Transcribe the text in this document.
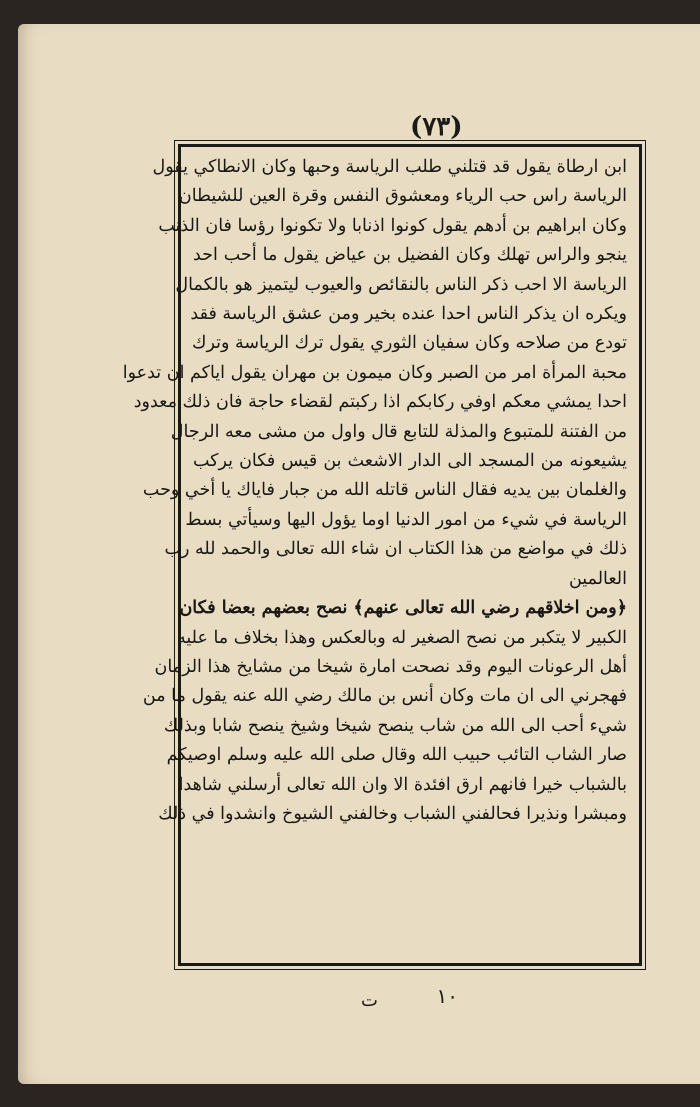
(٧٣)
ابن ارطاة يقول قد قتلني طلب الرياسة وحبها وكان الانطاكي يقول
الرياسة راس حب الرياء ومعشوق النفس وقرة العين للشيطان
وكان ابراهيم بن أدهم يقول كونوا اذنابا ولا تكونوا رؤسا فان الذنب
ينجو والراس تهلك وكان الفضيل بن عياض يقول ما أحب احد
الرياسة الا احب ذكر الناس بالنقائص والعيوب ليتميز هو بالكمال
ويكره ان يذكر الناس احدا عنده بخير ومن عشق الرياسة فقد
تودع من صلاحه وكان سفيان الثوري يقول ترك الرياسة وترك
محبة المرأة امر من الصبر وكان ميمون بن مهران يقول اياكم ان تدعوا
احدا يمشي معكم اوفي ركابكم اذا ركبتم لقضاء حاجة فان ذلك معدود
من الفتنة للمتبوع والمذلة للتابع قال واول من مشى معه الرجال
يشيعونه من المسجد الى الدار الاشعث بن قيس فكان يركب
والغلمان بين يديه فقال الناس قاتله الله من جبار فاياك يا أخي وحب
الرياسة في شيء من امور الدنيا اوما يؤول اليها وسيأتي بسط
ذلك في مواضع من هذا الكتاب ان شاء الله تعالى والحمد لله رب
العالمين
﴿ومن اخلاقهم رضي الله تعالى عنهم﴾ نصح بعضهم بعضا فكان
الكبير لا يتكبر من نصح الصغير له وبالعكس وهذا بخلاف ما عليه
أهل الرعونات اليوم وقد نصحت امارة شيخا من مشايخ هذا الزمان
فهجرني الى ان مات وكان أنس بن مالك رضي الله عنه يقول ما من
شيء أحب الى الله من شاب ينصح شيخا وشيخ ينصح شابا وبذلك
صار الشاب التائب حبيب الله وقال صلى الله عليه وسلم اوصيكم
بالشباب خيرا فانهم ارق افئدة الا وان الله تعالى أرسلني شاهدا
ومبشرا ونذيرا فحالفني الشباب وخالفني الشيوخ وانشدوا في ذلك
١٠
ت
